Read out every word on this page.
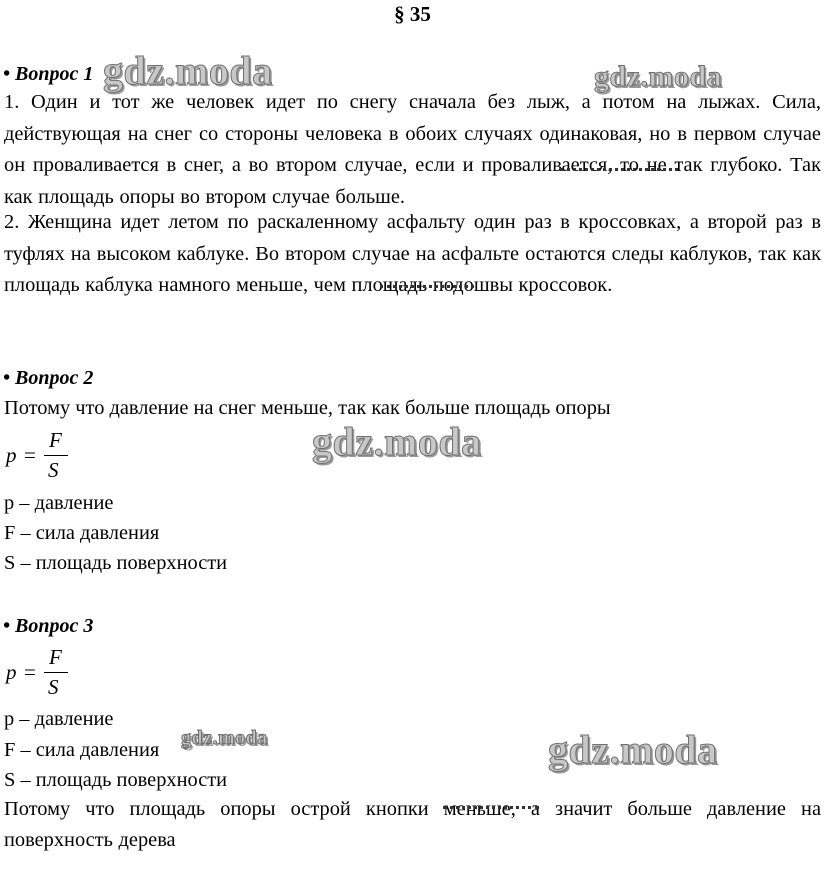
§ 35
• Вопрос 1
1. Один и тот же человек идет по снегу сначала без лыж, а потом на лыжах. Сила, действующая на снег со стороны человека в обоих случаях одинаковая, но в первом случае он проваливается в снег, а во втором случае, если и проваливается, то не так глубоко. Так как площадь опоры во втором случае больше.
2. Женщина идет летом по раскаленному асфальту один раз в кроссовках, а второй раз в туфлях на высоком каблуке. Во втором случае на асфальте остаются следы каблуков, так как площадь каблука намного меньше, чем площадь подошвы кроссовок.
• Вопрос 2
Потому что давление на снег меньше, так как больше площадь опоры
p =
F
S
p – давление
F – сила давления
S – площадь поверхности
• Вопрос 3
p =
F
S
p – давление
F – сила давления
S – площадь поверхности
Потому что площадь опоры острой кнопки меньше, а значит больше давление на поверхность дерева
gdz.moda	gdz.moda
gdz.moda
gdz.moda	gdz.moda
